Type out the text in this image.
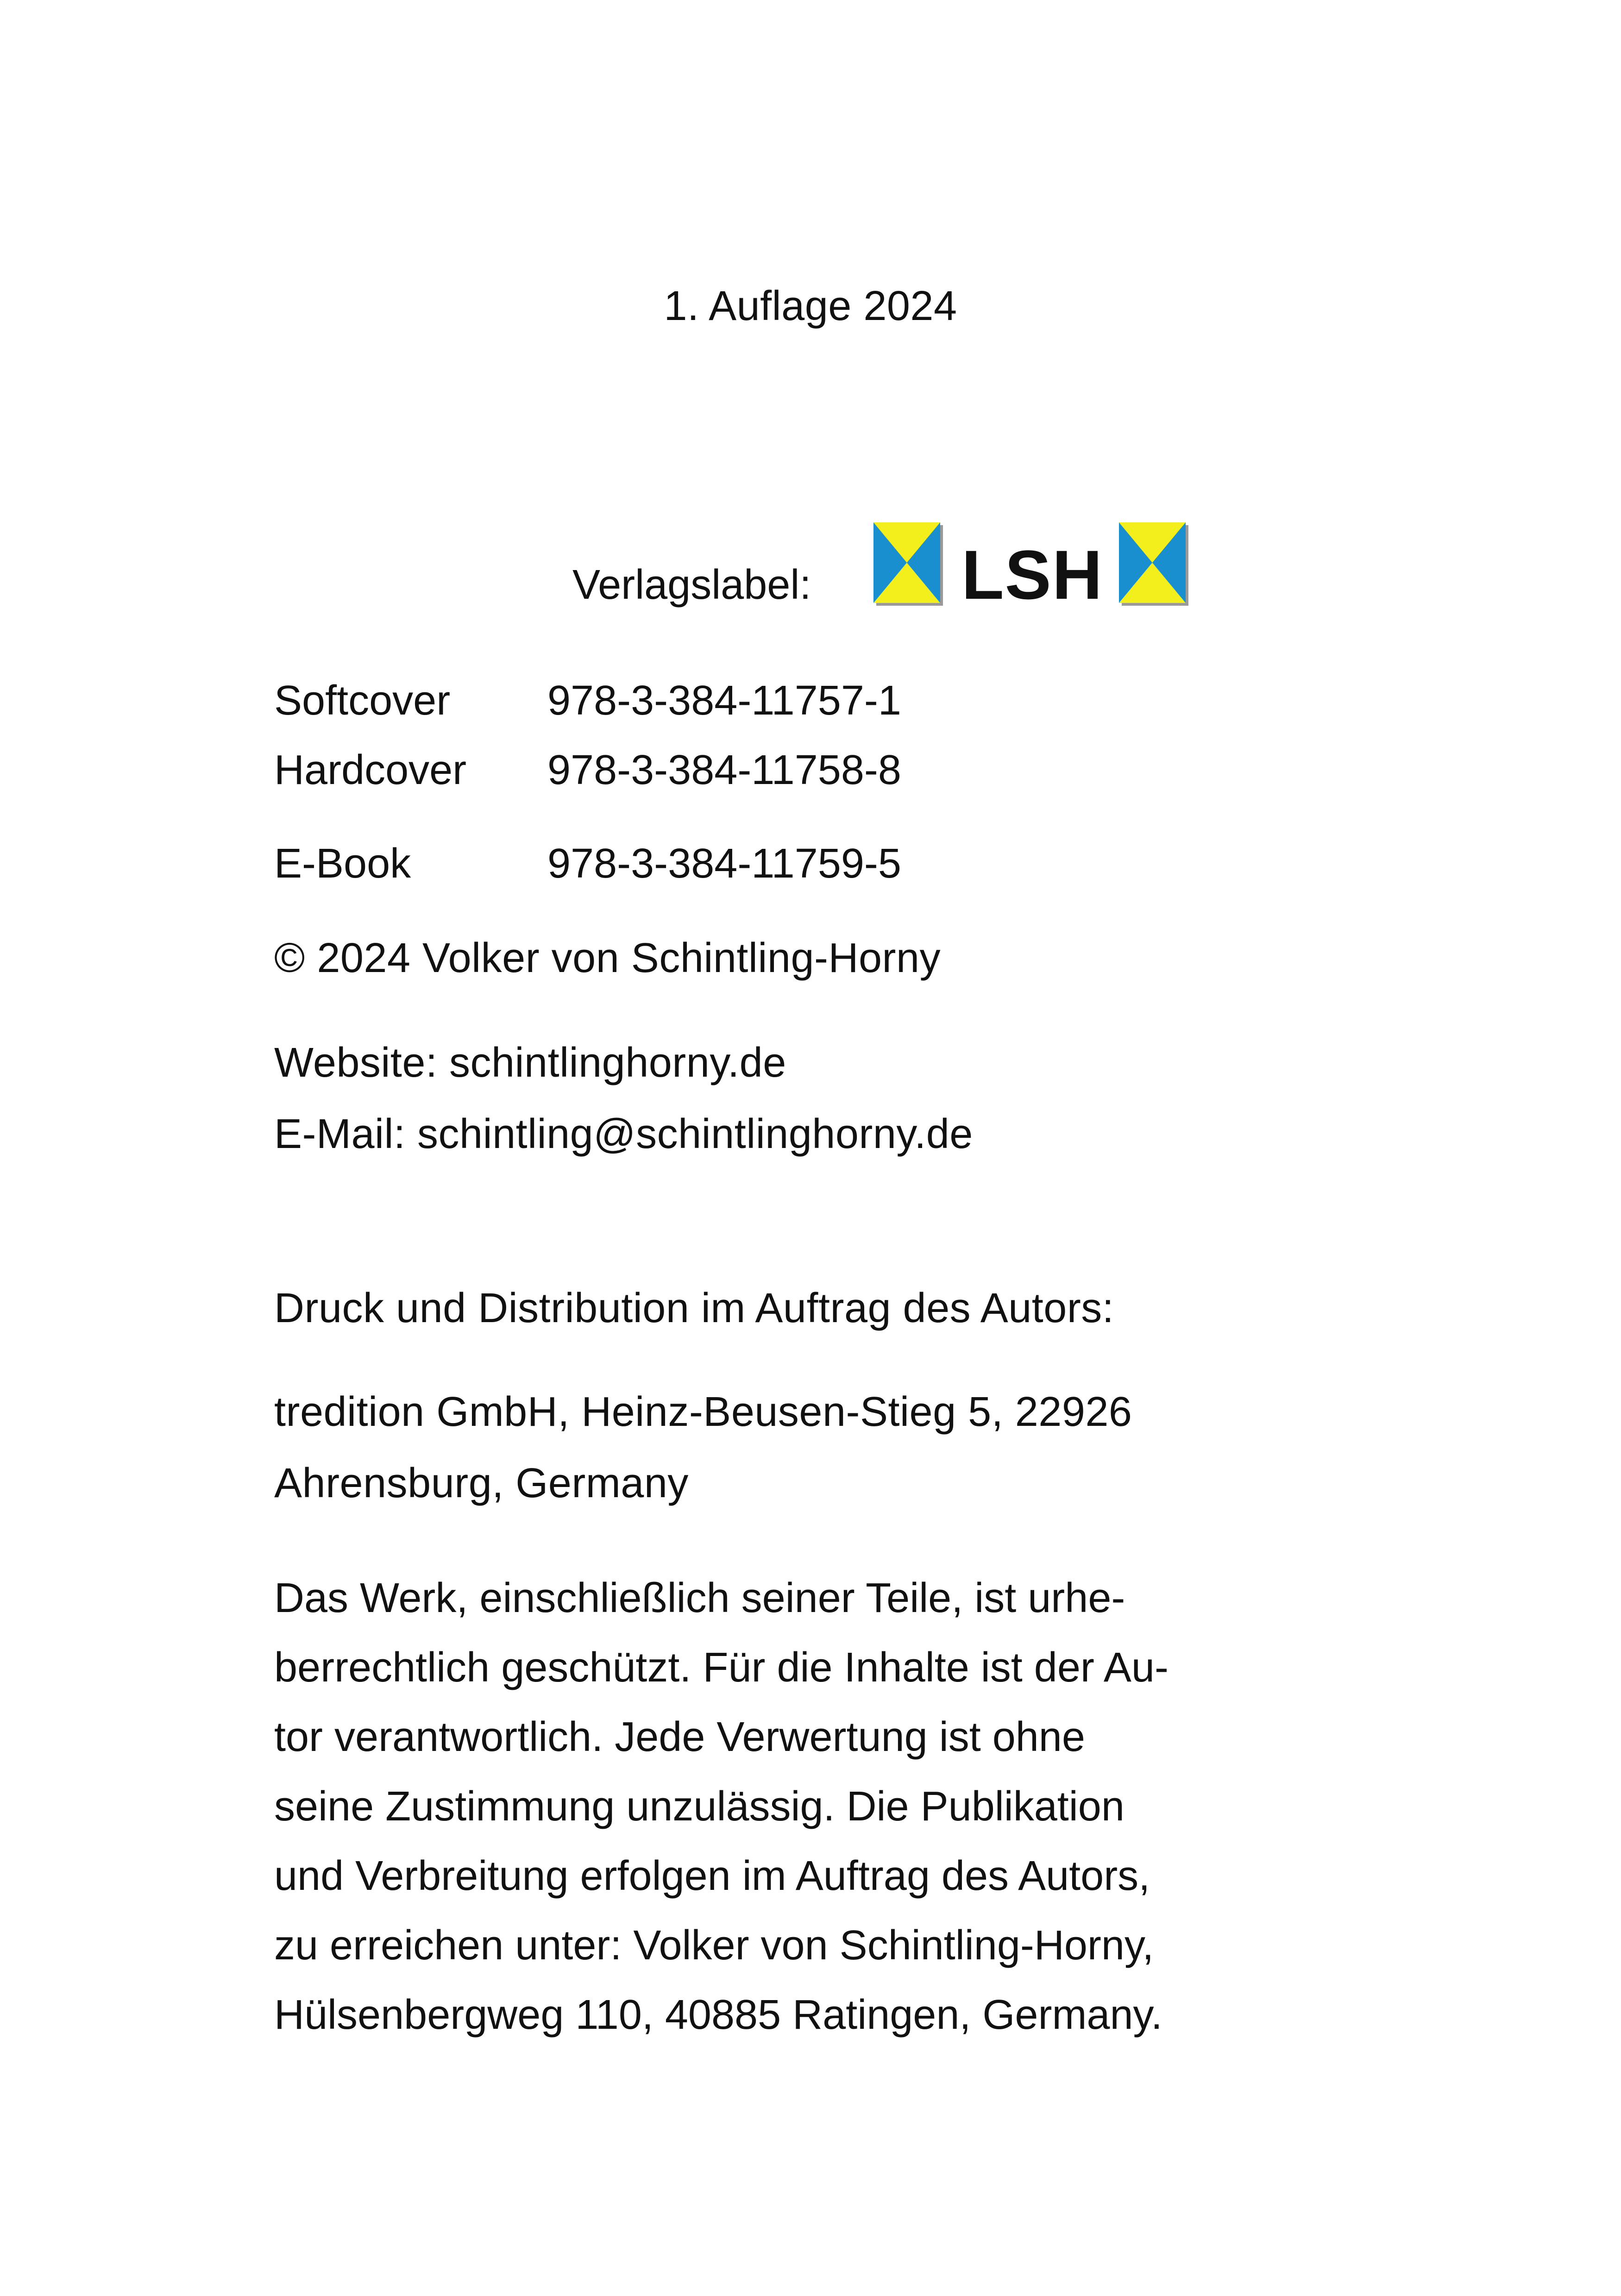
1. Auflage 2024
Verlagslabel: LSH
Softcover 978-3-384-11757-1
Hardcover 978-3-384-11758-8
E-Book	978-3-384-11759-5
© 2024 Volker von Schintling-Horny
Website: schintlinghorny.de
E-Mail: schintling@schintlinghorny.de
Druck und Distribution im Auftrag des Autors:
tredition GmbH, Heinz-Beusen-Stieg 5, 22926
Ahrensburg, Germany
Das Werk, einschließlich seiner Teile, ist urhe-
berrechtlich geschützt. Für die Inhalte ist der Au-
tor verantwortlich. Jede Verwertung ist ohne
seine Zustimmung unzulässig. Die Publikation
und Verbreitung erfolgen im Auftrag des Autors,
zu erreichen unter: Volker von Schintling-Horny,
Hülsenbergweg 110, 40885 Ratingen, Germany.
